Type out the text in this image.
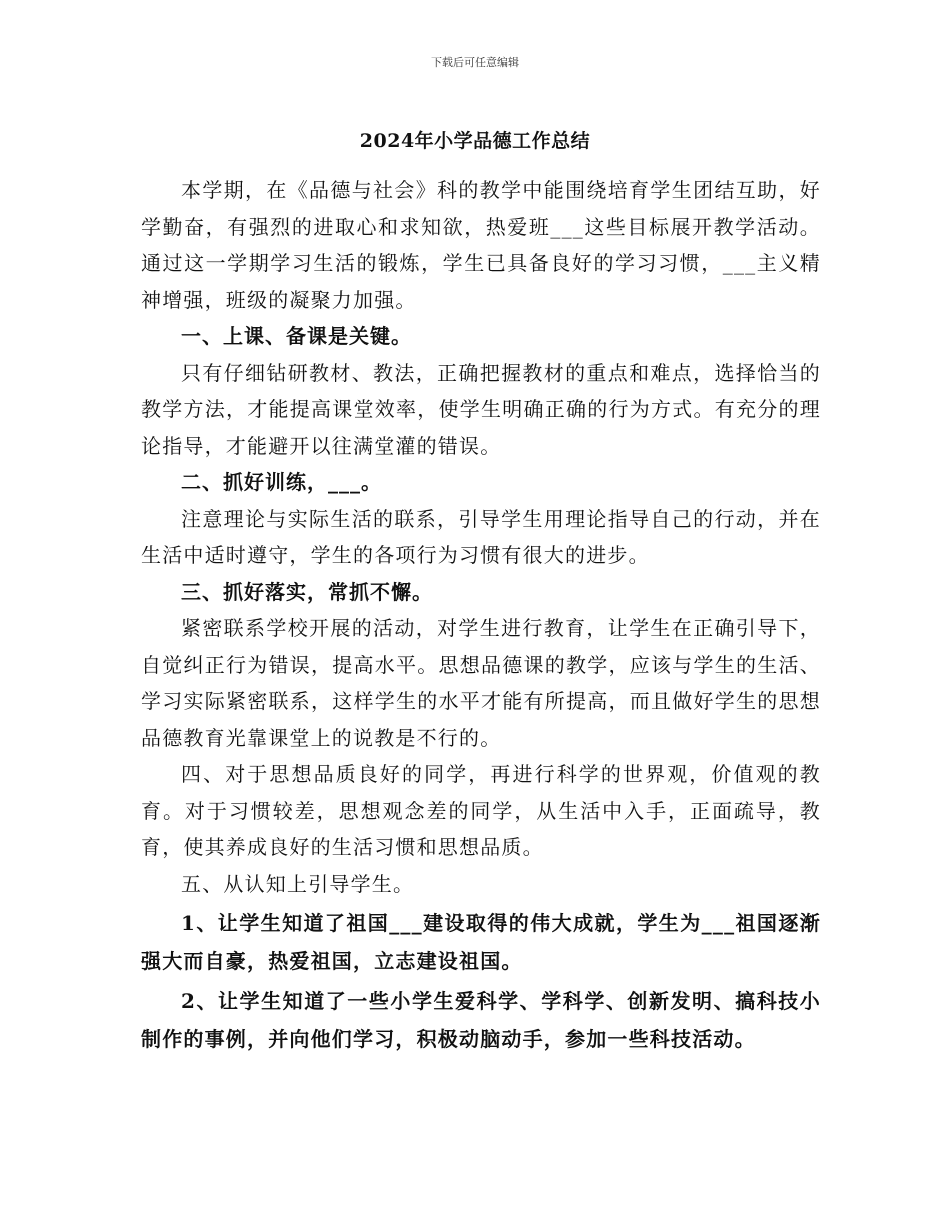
下载后可任意编辑
2024年小学品德工作总结

本学期，在《品德与社会》科的教学中能围绕培育学生团结互助，好学勤奋，有强烈的进取心和求知欲，热爱班___这些目标展开教学活动。通过这一学期学习生活的锻炼，学生已具备良好的学习习惯，___主义精神增强，班级的凝聚力加强。

一、上课、备课是关键。

只有仔细钻研教材、教法，正确把握教材的重点和难点，选择恰当的教学方法，才能提高课堂效率，使学生明确正确的行为方式。有充分的理论指导，才能避开以往满堂灌的错误。

二、抓好训练，___。

注意理论与实际生活的联系，引导学生用理论指导自己的行动，并在生活中适时遵守，学生的各项行为习惯有很大的进步。

三、抓好落实，常抓不懈。

紧密联系学校开展的活动，对学生进行教育，让学生在正确引导下，自觉纠正行为错误，提高水平。思想品德课的教学，应该与学生的生活、学习实际紧密联系，这样学生的水平才能有所提高，而且做好学生的思想品德教育光靠课堂上的说教是不行的。

四、对于思想品质良好的同学，再进行科学的世界观，价值观的教育。对于习惯较差，思想观念差的同学，从生活中入手，正面疏导，教育，使其养成良好的生活习惯和思想品质。

五、从认知上引导学生。

1、让学生知道了祖国___建设取得的伟大成就，学生为___祖国逐渐强大而自豪，热爱祖国，立志建设祖国。

2、让学生知道了一些小学生爱科学、学科学、创新发明、搞科技小制作的事例，并向他们学习，积极动脑动手，参加一些科技活动。
